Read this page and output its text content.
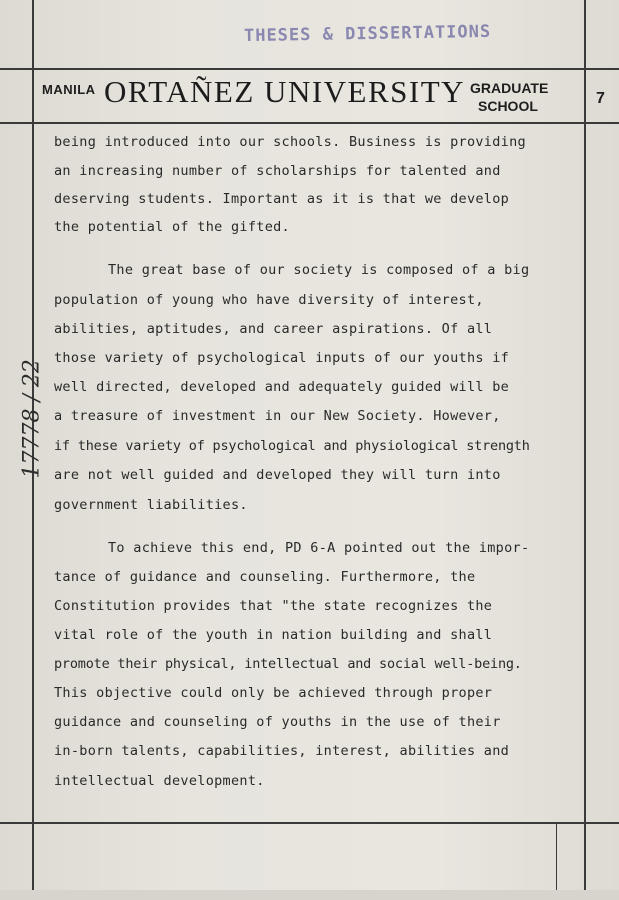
THESES & DISSERTATIONS
MANILA ORTAÑEZ UNIVERSITY GRADUATE
SCHOOL	7
17778 / 22
being introduced into our schools. Business is providing
an increasing number of scholarships for talented and
deserving students. Important as it is that we develop
the potential of the gifted.
The great base of our society is composed of a big
population of young who have diversity of interest,
abilities, aptitudes, and career aspirations. Of all
those variety of psychological inputs of our youths if
well directed, developed and adequately guided will be
a treasure of investment in our New Society. However,
if these variety of psychological and physiological strength
are not well guided and developed they will turn into
government liabilities.
To achieve this end, PD 6-A pointed out the impor-
tance of guidance and counseling. Furthermore, the
Constitution provides that "the state recognizes the
vital role of the youth in nation building and shall
promote their physical, intellectual and social well-being.
This objective could only be achieved through proper
guidance and counseling of youths in the use of their
in-born talents, capabilities, interest, abilities and
intellectual development.
